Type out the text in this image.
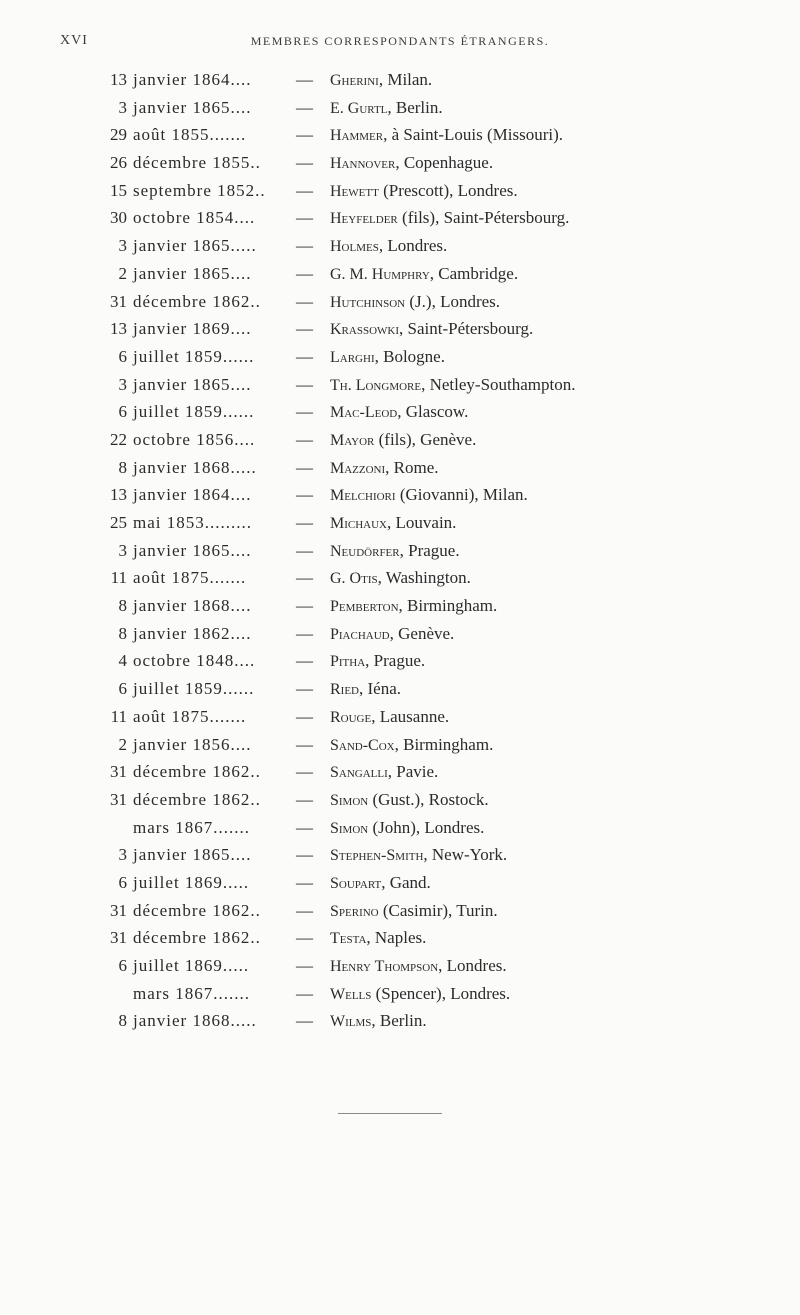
XVI	MEMBRES CORRESPONDANTS ÉTRANGERS.
13 janvier 1864....	— Gherini, Milan.
3 janvier 1865....	— E. Gurtl, Berlin.
29 août 1855.......	— Hammer, à Saint-Louis (Missouri).
26 décembre 1855..	— Hannover, Copenhague.
15 septembre 1852..	— Hewett (Prescott), Londres.
30 octobre 1854....	— Heyfelder (fils), Saint-Pétersbourg.
3 janvier 1865.....	— Holmes, Londres.
2 janvier 1865....	— G. M. Humphry, Cambridge.
31 décembre 1862..	— Hutchinson (J.), Londres.
13 janvier 1869....	— Krassowki, Saint-Pétersbourg.
6 juillet 1859......	— Larghi, Bologne.
3 janvier 1865....	— Th. Longmore, Netley-Southampton.
6 juillet 1859......	— Mac-Leod, Glascow.
22 octobre 1856....	— Mayor (fils), Genève.
8 janvier 1868.....	— Mazzoni, Rome.
13 janvier 1864....	— Melchiori (Giovanni), Milan.
25 mai 1853.........	— Michaux, Louvain.
3 janvier 1865....	— Neudörfer, Prague.
11 août 1875.......	— G. Otis, Washington.
8 janvier 1868....	— Pemberton, Birmingham.
8 janvier 1862....	— Piachaud, Genève.
4 octobre 1848....	— Pitha, Prague.
6 juillet 1859......	— Ried, Iéna.
11 août 1875.......	— Rouge, Lausanne.
2 janvier 1856....	— Sand-Cox, Birmingham.
31 décembre 1862..	— Sangalli, Pavie.
31 décembre 1862..	— Simon (Gust.), Rostock.
mars 1867.......	— Simon (John), Londres.
3 janvier 1865....	— Stephen-Smith, New-York.
6 juillet 1869.....	— Soupart, Gand.
31 décembre 1862..	— Sperino (Casimir), Turin.
31 décembre 1862..	— Testa, Naples.
6 juillet 1869.....	— Henry Thompson, Londres.
mars 1867.......	— Wells (Spencer), Londres.
8 janvier 1868.....	— Wilms, Berlin.
